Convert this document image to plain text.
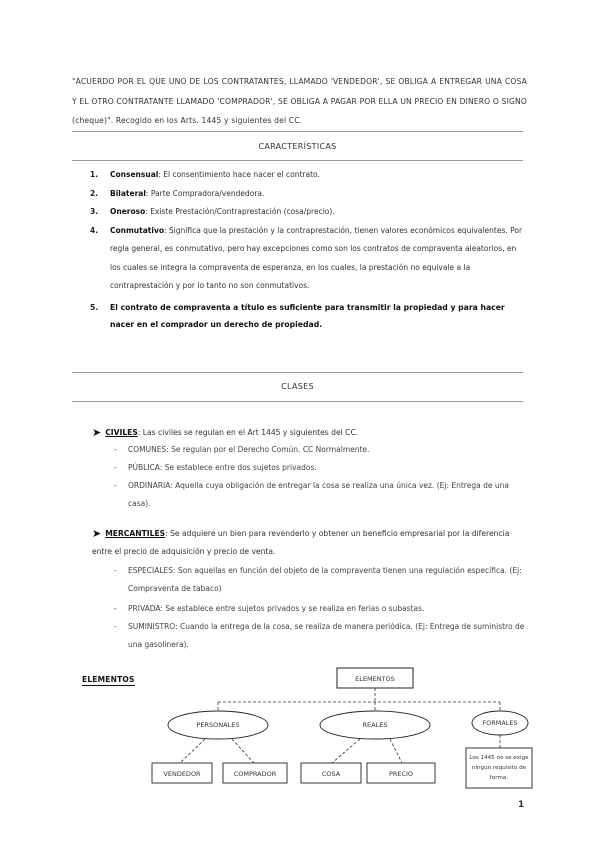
"ACUERDO POR EL QUE UNO DE LOS CONTRATANTES, LLAMADO 'VENDEDOR', SE OBLIGA A ENTREGAR UNA COSA Y EL OTRO CONTRATANTE LLAMADO 'COMPRADOR', SE OBLIGA A PAGAR POR ELLA UN PRECIO EN DINERO O SIGNO (cheque)". Recogido en los Arts. 1445 y siguientes del CC.
CARACTERÍSTICAS
1. Consensual: El consentimiento hace nacer el contrato.
2. Bilateral: Parte Compradora/vendedora.
3. Oneroso: Existe Prestación/Contraprestación (cosa/precio).
4. Conmutativo: Significa que la prestación y la contraprestación, tienen valores económicos equivalentes. Por regla general, es conmutativo, pero hay excepciones como son los contratos de compraventa aleatorios, en los cuales se integra la compraventa de esperanza, en los cuales, la prestación no equivale a la contraprestación y por lo tanto no son conmutativos.
5. El contrato de compraventa a título es suficiente para transmitir la propiedad y para hacer nacer en el comprador un derecho de propiedad.
CLASES
➤ CIVILES: Las civiles se regulan en el Art 1445 y siguientes del CC.
- COMUNES: Se regulan por el Derecho Común. CC Normalmente.
- PÚBLICA: Se establece entre dos sujetos privados.
- ORDINARIA: Aquella cuya obligación de entregar la cosa se realiza una única vez. (Ej: Entrega de una casa).
➤ MERCANTILES: Se adquiere un bien para revenderlo y obtener un beneficio empresarial por la diferencia entre el precio de adquisición y precio de venta.
- ESPECIALES: Son aquellas en función del objeto de la compraventa tienen una regulación específica. (Ej: Compraventa de tabaco)
- PRIVADA: Se establece entre sujetos privados y se realiza en ferias o subastas.
- SUMINISTRO: Cuando la entrega de la cosa, se realiza de manera periódica. (Ej: Entrega de suministro de una gasolinera).
ELEMENTOS	ELEMENTOS
PERSONALES	REALES	FORMALES
VENDEDOR	COMPRADOR	COSA	PRECIO
Los 1445 no se exige
ningún requisito de
forma.
1
